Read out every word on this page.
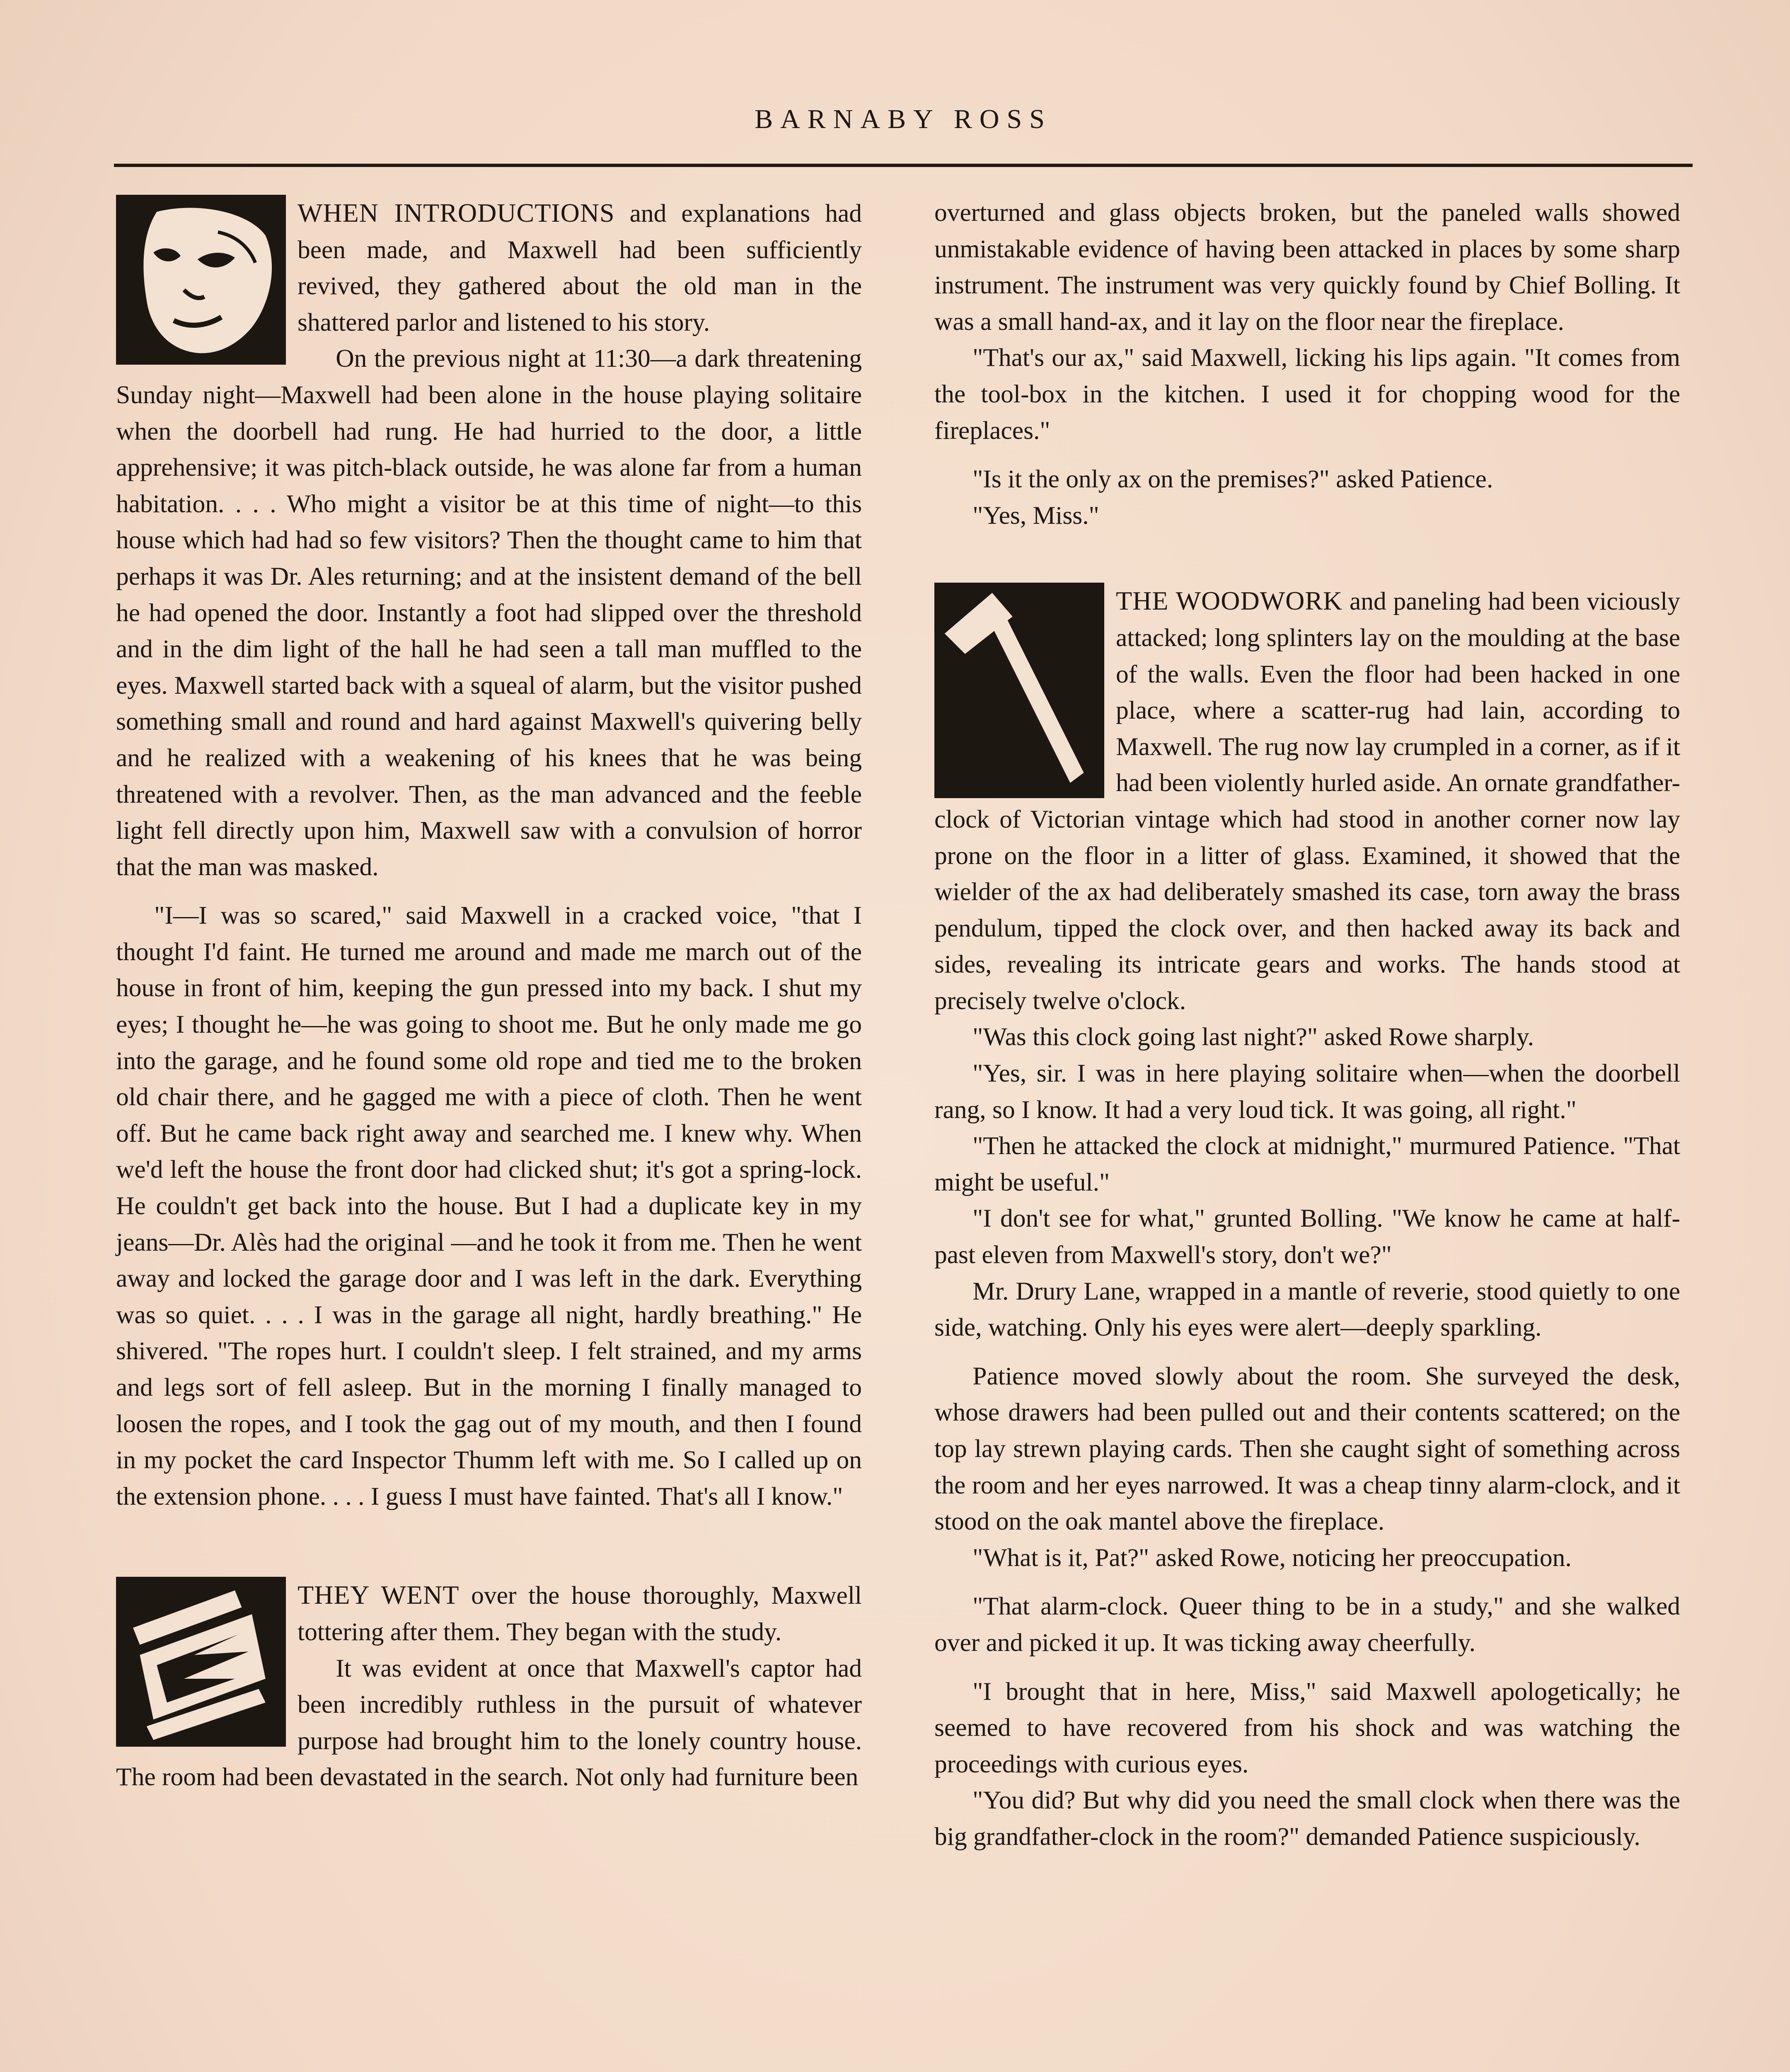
BARNABY ROSS

WHEN INTRODUCTIONS and explanations had been made, and Maxwell had been sufficiently revived, they gathered about the old man in the shattered parlor and listened to his story.

On the previous night at 11:30—a dark threatening Sunday night—Maxwell had been alone in the house playing solitaire when the doorbell had rung. He had hurried to the door, a little apprehensive; it was pitch-black outside, he was alone far from a human habitation. . . . Who might a visitor be at this time of night—to this house which had had so few visitors? Then the thought came to him that perhaps it was Dr. Ales returning; and at the insistent demand of the bell he had opened the door. Instantly a foot had slipped over the threshold and in the dim light of the hall he had seen a tall man muffled to the eyes. Maxwell started back with a squeal of alarm, but the visitor pushed something small and round and hard against Maxwell's quivering belly and he realized with a weakening of his knees that he was being threatened with a revolver. Then, as the man advanced and the feeble light fell directly upon him, Maxwell saw with a convulsion of horror that the man was masked.

"I—I was so scared," said Maxwell in a cracked voice, "that I thought I'd faint. He turned me around and made me march out of the house in front of him, keeping the gun pressed into my back. I shut my eyes; I thought he—he was going to shoot me. But he only made me go into the garage, and he found some old rope and tied me to the broken old chair there, and he gagged me with a piece of cloth. Then he went off. But he came back right away and searched me. I knew why. When we'd left the house the front door had clicked shut; it's got a spring-lock. He couldn't get back into the house. But I had a duplicate key in my jeans—Dr. Alès had the original —and he took it from me. Then he went away and locked the garage door and I was left in the dark. Everything was so quiet. . . . I was in the garage all night, hardly breathing." He shivered. "The ropes hurt. I couldn't sleep. I felt strained, and my arms and legs sort of fell asleep. But in the morning I finally managed to loosen the ropes, and I took the gag out of my mouth, and then I found in my pocket the card Inspector Thumm left with me. So I called up on the extension phone. . . . I guess I must have fainted. That's all I know."

THEY WENT over the house thoroughly, Maxwell tottering after them. They began with the study.

It was evident at once that Maxwell's captor had been incredibly ruthless in the pursuit of whatever purpose had brought him to the lonely country house. The room had been devastated in the search. Not only had furniture been

overturned and glass objects broken, but the paneled walls showed unmistakable evidence of having been attacked in places by some sharp instrument. The instrument was very quickly found by Chief Bolling. It was a small hand-ax, and it lay on the floor near the fireplace.

"That's our ax," said Maxwell, licking his lips again. "It comes from the tool-box in the kitchen. I used it for chopping wood for the fireplaces."

"Is it the only ax on the premises?" asked Patience.

"Yes, Miss."

THE WOODWORK and paneling had been viciously attacked; long splinters lay on the moulding at the base of the walls. Even the floor had been hacked in one place, where a scatter-rug had lain, according to Maxwell. The rug now lay crumpled in a corner, as if it had been violently hurled aside. An ornate grandfather-clock of Victorian vintage which had stood in another corner now lay prone on the floor in a litter of glass. Examined, it showed that the wielder of the ax had deliberately smashed its case, torn away the brass pendulum, tipped the clock over, and then hacked away its back and sides, revealing its intricate gears and works. The hands stood at precisely twelve o'clock.

"Was this clock going last night?" asked Rowe sharply.

"Yes, sir. I was in here playing solitaire when—when the doorbell rang, so I know. It had a very loud tick. It was going, all right."

"Then he attacked the clock at midnight," murmured Patience. "That might be useful."

"I don't see for what," grunted Bolling. "We know he came at half-past eleven from Maxwell's story, don't we?"

Mr. Drury Lane, wrapped in a mantle of reverie, stood quietly to one side, watching. Only his eyes were alert—deeply sparkling.

Patience moved slowly about the room. She surveyed the desk, whose drawers had been pulled out and their contents scattered; on the top lay strewn playing cards. Then she caught sight of something across the room and her eyes narrowed. It was a cheap tinny alarm-clock, and it stood on the oak mantel above the fireplace.

"What is it, Pat?" asked Rowe, noticing her preoccupation.

"That alarm-clock. Queer thing to be in a study," and she walked over and picked it up. It was ticking away cheerfully.

"I brought that in here, Miss," said Maxwell apologetically; he seemed to have recovered from his shock and was watching the proceedings with curious eyes.

"You did? But why did you need the small clock when there was the big grandfather-clock in the room?" demanded Patience suspiciously.
